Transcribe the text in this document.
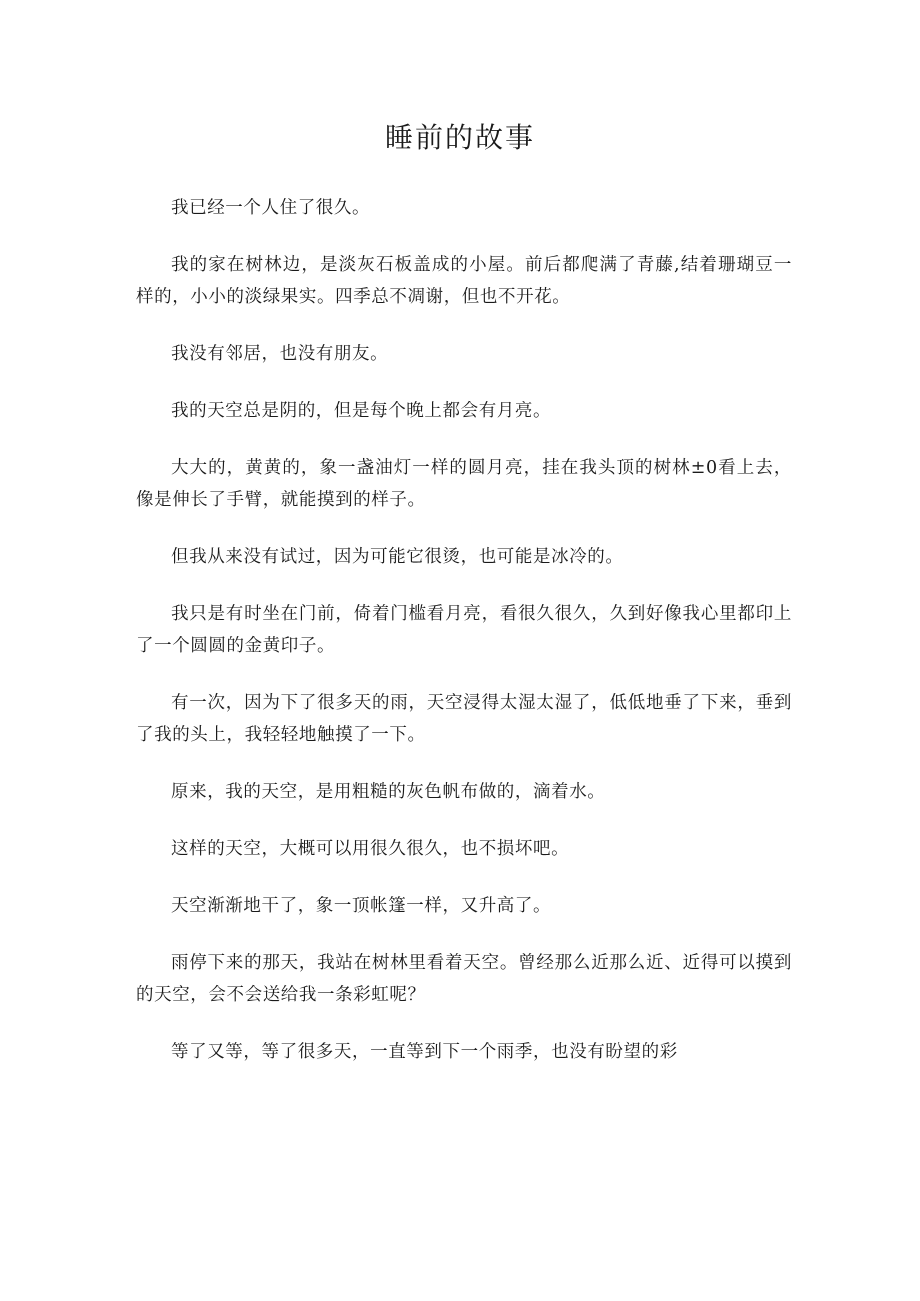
睡前的故事

我已经一个人住了很久。

我的家在树林边，是淡灰石板盖成的小屋。前后都爬满了青藤,结着珊瑚豆一样的，小小的淡绿果实。四季总不凋谢，但也不开花。

我没有邻居，也没有朋友。

我的天空总是阴的，但是每个晚上都会有月亮。

大大的，黄黄的，象一盏油灯一样的圆月亮，挂在我头顶的树林±0看上去，像是伸长了手臂，就能摸到的样子。

但我从来没有试过，因为可能它很烫，也可能是冰冷的。

我只是有时坐在门前，倚着门槛看月亮，看很久很久，久到好像我心里都印上了一个圆圆的金黄印子。

有一次，因为下了很多天的雨，天空浸得太湿太湿了，低低地垂了下来，垂到了我的头上，我轻轻地触摸了一下。

原来，我的天空，是用粗糙的灰色帆布做的，滴着水。

这样的天空，大概可以用很久很久，也不损坏吧。

天空渐渐地干了，象一顶帐篷一样，又升高了。

雨停下来的那天，我站在树林里看着天空。曾经那么近那么近、近得可以摸到的天空，会不会送给我一条彩虹呢？

等了又等，等了很多天，一直等到下一个雨季，也没有盼望的彩
